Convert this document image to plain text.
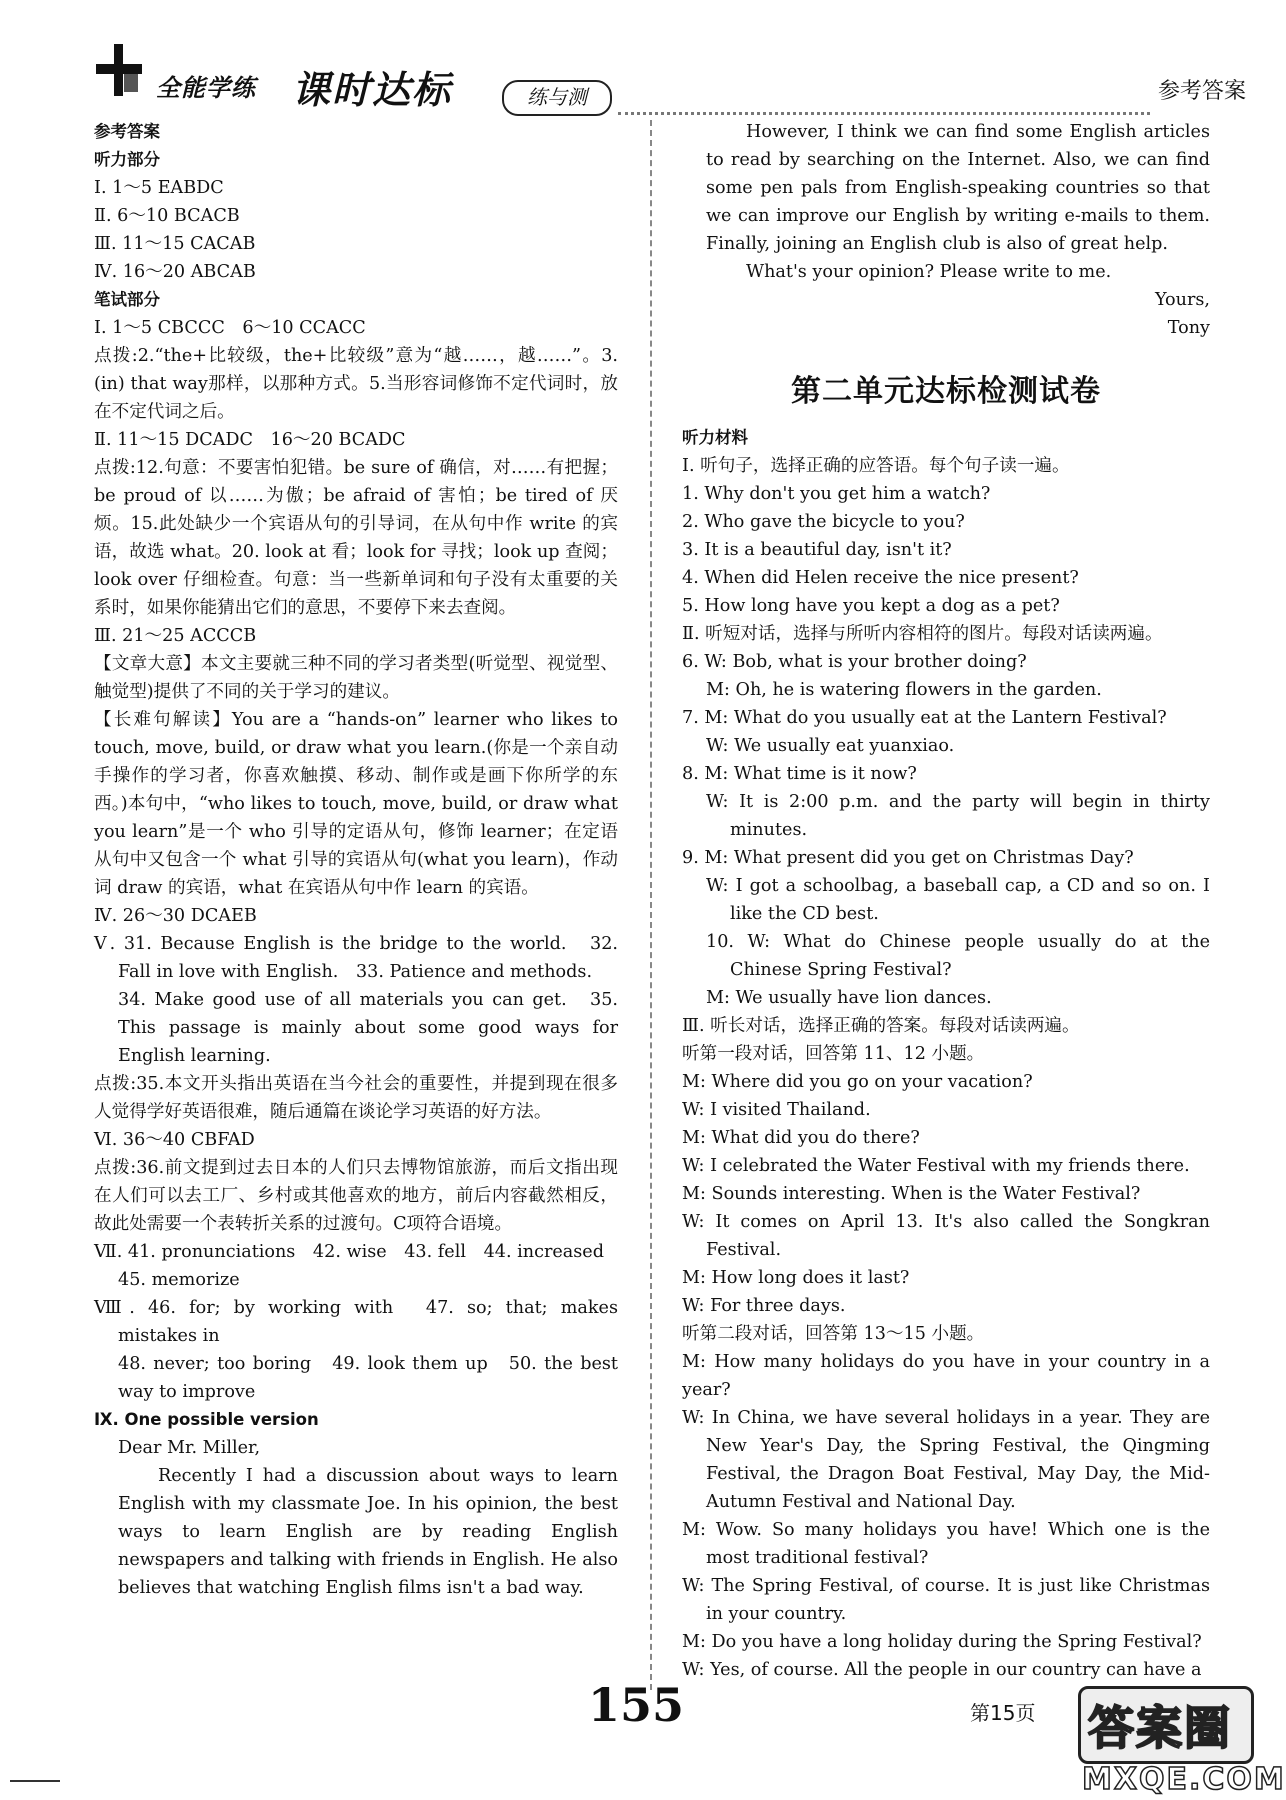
全能学练 课时达标	练与测	参考答案

参考答案

听力部分

Ⅰ. 1～5 EABDC

Ⅱ. 6～10 BCACB

Ⅲ. 11～15 CACAB

Ⅳ. 16～20 ABCAB

笔试部分

Ⅰ. 1～5 CBCCC　6～10 CCACC

点拨:2.“the+比较级，the+比较级”意为“越……，越……”。3.(in) that way那样，以那种方式。5.当形容词修饰不定代词时，放在不定代词之后。

Ⅱ. 11～15 DCADC　16～20 BCADC

点拨:12.句意：不要害怕犯错。be sure of 确信，对……有把握；be proud of 以……为傲；be afraid of 害怕；be tired of 厌烦。15.此处缺少一个宾语从句的引导词，在从句中作 write 的宾语，故选 what。20. look at 看；look for 寻找；look up 查阅；look over 仔细检查。句意：当一些新单词和句子没有太重要的关系时，如果你能猜出它们的意思，不要停下来去查阅。

Ⅲ. 21～25 ACCCB

【文章大意】本文主要就三种不同的学习者类型(听觉型、视觉型、触觉型)提供了不同的关于学习的建议。

【长难句解读】You are a “hands-on” learner who likes to touch, move, build, or draw what you learn.(你是一个亲自动手操作的学习者，你喜欢触摸、移动、制作或是画下你所学的东西。)本句中，“who likes to touch, move, build, or draw what you learn”是一个 who 引导的定语从句，修饰 learner；在定语从句中又包含一个 what 引导的宾语从句(what you learn)，作动词 draw 的宾语，what 在宾语从句中作 learn 的宾语。

Ⅳ. 26～30 DCAEB

Ⅴ. 31. Because English is the bridge to the world.　32. Fall in love with English.　33. Patience and methods.

34. Make good use of all materials you can get.　35. This passage is mainly about some good ways for English learning.

点拨:35.本文开头指出英语在当今社会的重要性，并提到现在很多人觉得学好英语很难，随后通篇在谈论学习英语的好方法。

Ⅵ. 36～40 CBFAD

点拨:36.前文提到过去日本的人们只去博物馆旅游，而后文指出现在人们可以去工厂、乡村或其他喜欢的地方，前后内容截然相反，故此处需要一个表转折关系的过渡句。C项符合语境。

Ⅶ. 41. pronunciations　42. wise　43. fell　44. increased

45. memorize

Ⅷ. 46. for; by working with　47. so; that; makes mistakes in

48. never; too boring　49. look them up　50. the best way to improve

Ⅸ. One possible version

Dear Mr. Miller,

Recently I had a discussion about ways to learn English with my classmate Joe. In his opinion, the best ways to learn English are by reading English newspapers and talking with friends in English. He also believes that watching English films isn't a bad way.

However, I think we can find some English articles to read by searching on the Internet. Also, we can find some pen pals from English-speaking countries so that we can improve our English by writing e-mails to them. Finally, joining an English club is also of great help.

What's your opinion? Please write to me.

Yours,

Tony

第二单元达标检测试卷

听力材料

Ⅰ. 听句子，选择正确的应答语。每个句子读一遍。

1. Why don't you get him a watch?

2. Who gave the bicycle to you?

3. It is a beautiful day, isn't it?

4. When did Helen receive the nice present?

5. How long have you kept a dog as a pet?

Ⅱ. 听短对话，选择与所听内容相符的图片。每段对话读两遍。

6. W: Bob, what is your brother doing?

M: Oh, he is watering flowers in the garden.

7. M: What do you usually eat at the Lantern Festival?

W: We usually eat yuanxiao.

8. M: What time is it now?

W: It is 2:00 p.m. and the party will begin in thirty minutes.

9. M: What present did you get on Christmas Day?

W: I got a schoolbag, a baseball cap, a CD and so on. I like the CD best.

10. W: What do Chinese people usually do at the Chinese Spring Festival?

M: We usually have lion dances.

Ⅲ. 听长对话，选择正确的答案。每段对话读两遍。

听第一段对话，回答第 11、12 小题。

M: Where did you go on your vacation?

W: I visited Thailand.

M: What did you do there?

W: I celebrated the Water Festival with my friends there.

M: Sounds interesting. When is the Water Festival?

W: It comes on April 13. It's also called the Songkran Festival.

M: How long does it last?

W: For three days.

听第二段对话，回答第 13～15 小题。

M: How many holidays do you have in your country in a year?

W: In China, we have several holidays in a year. They are New Year's Day, the Spring Festival, the Qingming Festival, the Dragon Boat Festival, May Day, the Mid-Autumn Festival and National Day.

M: Wow. So many holidays you have! Which one is the most traditional festival?

W: The Spring Festival, of course. It is just like Christmas in your country.

M: Do you have a long holiday during the Spring Festival?

W: Yes, of course. All the people in our country can have a

155	第15页 答案圈
MXQE.COM
